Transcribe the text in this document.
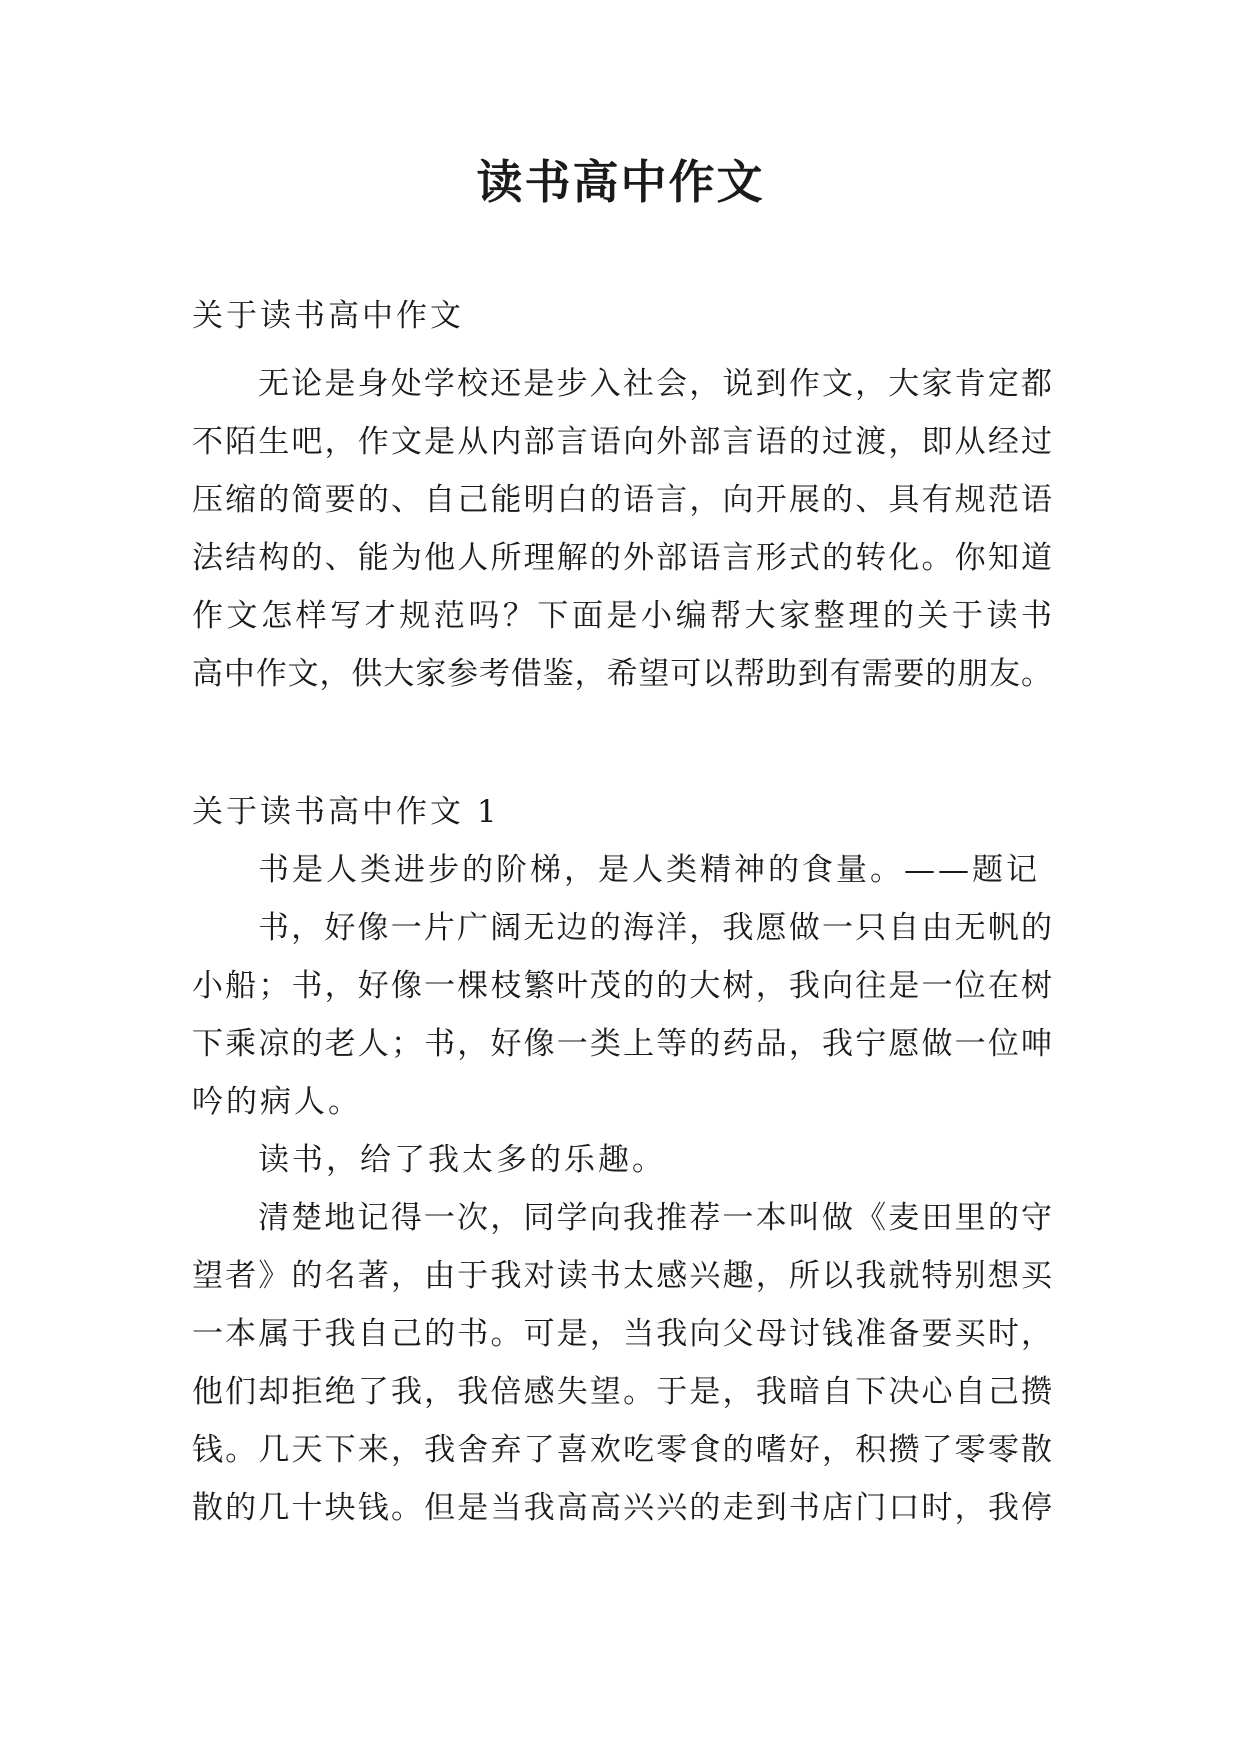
读书高中作文

关于读书高中作文

无论是身处学校还是步入社会，说到作文，大家肯定都

不陌生吧，作文是从内部言语向外部言语的过渡，即从经过

压缩的简要的、自己能明白的语言，向开展的、具有规范语

法结构的、能为他人所理解的外部语言形式的转化。你知道

作文怎样写才规范吗？下面是小编帮大家整理的关于读书

高中作文，供大家参考借鉴，希望可以帮助到有需要的朋友。

关于读书高中作文 1

书是人类进步的阶梯，是人类精神的食量。——题记

书，好像一片广阔无边的海洋，我愿做一只自由无帆的

小船；书，好像一棵枝繁叶茂的的大树，我向往是一位在树

下乘凉的老人；书，好像一类上等的药品，我宁愿做一位呻

吟的病人。

读书，给了我太多的乐趣。

清楚地记得一次，同学向我推荐一本叫做《麦田里的守

望者》的名著，由于我对读书太感兴趣，所以我就特别想买

一本属于我自己的书。可是，当我向父母讨钱准备要买时，

他们却拒绝了我，我倍感失望。于是，我暗自下决心自己攒

钱。几天下来，我舍弃了喜欢吃零食的嗜好，积攒了零零散

散的几十块钱。但是当我高高兴兴的走到书店门口时，我停
